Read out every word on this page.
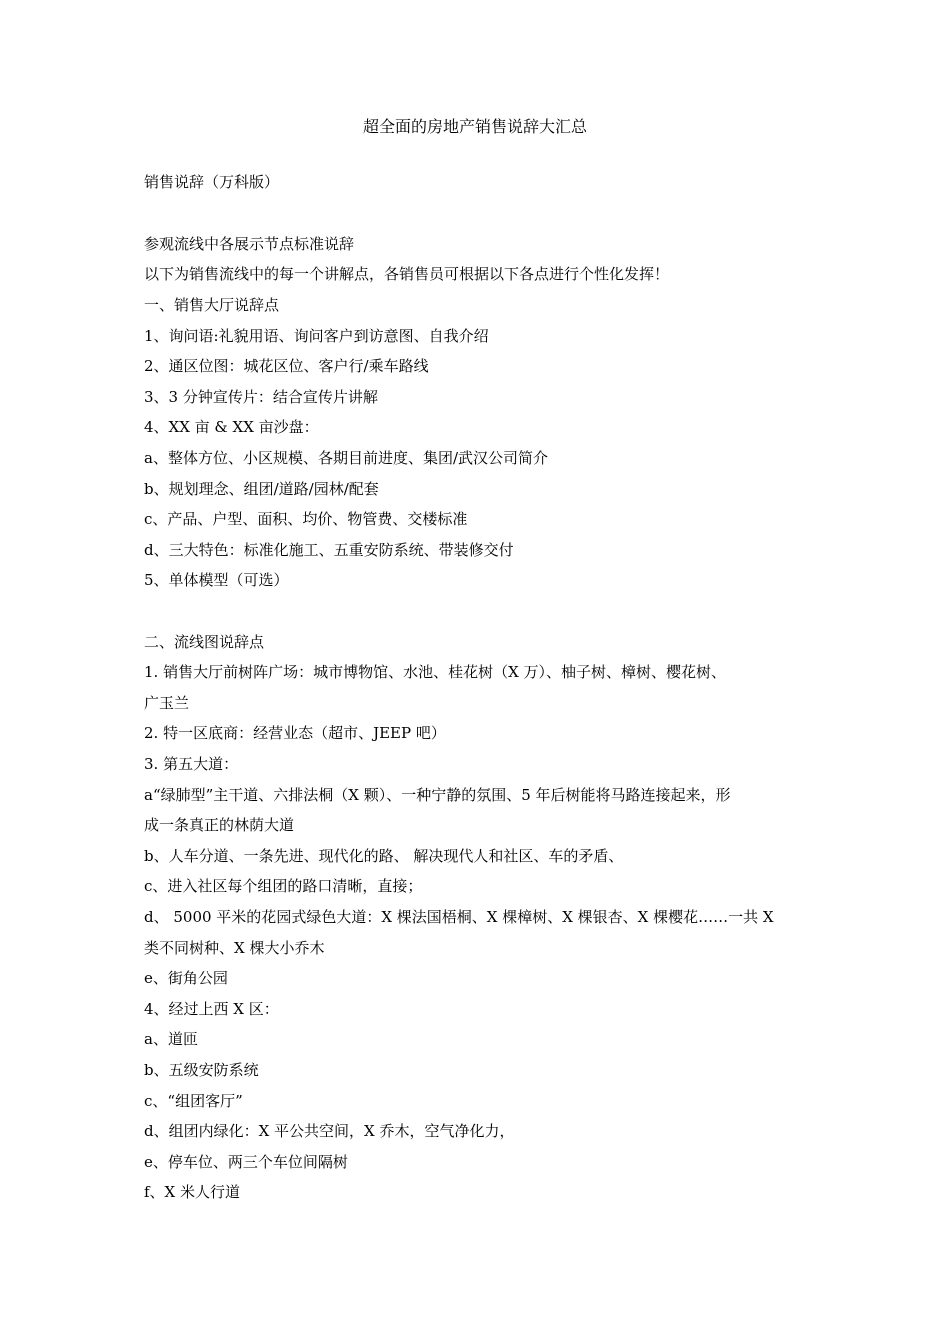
超全面的房地产销售说辞大汇总
销售说辞（万科版）
参观流线中各展示节点标准说辞
以下为销售流线中的每一个讲解点，各销售员可根据以下各点进行个性化发挥！
一、销售大厅说辞点
1、询问语:礼貌用语、询问客户到访意图、自我介绍
2、通区位图：城花区位、客户行/乘车路线
3、3 分钟宣传片：结合宣传片讲解
4、XX 亩 & XX 亩沙盘：
a、整体方位、小区规模、各期目前进度、集团/武汉公司简介
b、规划理念、组团/道路/园林/配套
c、产品、户型、面积、均价、物管费、交楼标准
d、三大特色：标准化施工、五重安防系统、带装修交付
5、单体模型（可选）
二、流线图说辞点
1. 销售大厅前树阵广场：城市博物馆、水池、桂花树（X 万）、柚子树、樟树、樱花树、
广玉兰
2. 特一区底商：经营业态（超市、JEEP 吧）
3. 第五大道：
a“绿肺型”主干道、六排法桐（X 颗）、一种宁静的氛围、5 年后树能将马路连接起来，形
成一条真正的林荫大道
b、人车分道、一条先进、现代化的路、 解决现代人和社区、车的矛盾、
c、进入社区每个组团的路口清晰，直接；
d、 5000 平米的花园式绿色大道：X 棵法国梧桐、X 棵樟树、X 棵银杏、X 棵樱花……一共 X
类不同树种、X 棵大小乔木
e、街角公园
4、经过上西 X 区：
a、道匝
b、五级安防系统
c、“组团客厅”
d、组团内绿化：X 平公共空间，X 乔木，空气净化力，
e、停车位、两三个车位间隔树
f、X 米人行道
